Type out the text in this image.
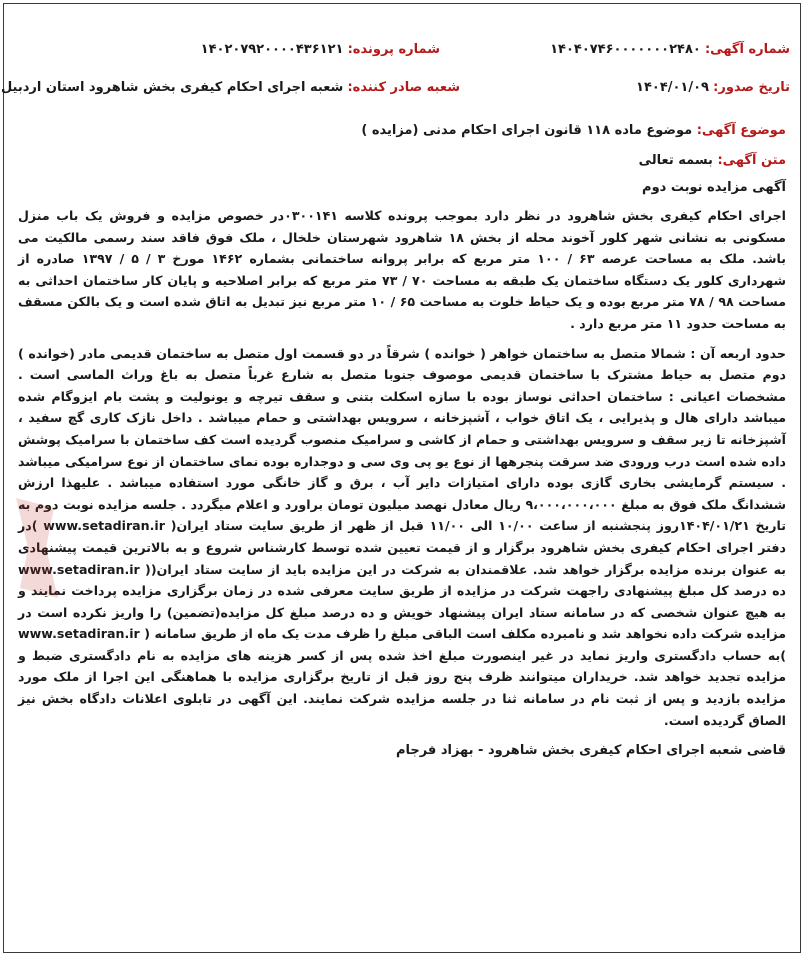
شماره آگهی: ۱۴۰۴۰۷۴۶۰۰۰۰۰۰۰۲۴۸۰
شماره پرونده: ۱۴۰۲۰۷۹۲۰۰۰۰۴۳۶۱۲۱
تاریخ صدور: ۱۴۰۴/۰۱/۰۹
شعبه صادر کننده: شعبه اجرای احکام کیفری بخش شاهرود استان اردبیل
موضوع آگهی: موضوع ماده ۱۱۸ قانون اجرای احکام مدنی (مزایده )
متن آگهی: بسمه تعالی
آگهی مزایده نوبت دوم

اجرای احکام کیفری بخش شاهرود در نظر دارد بموجب پرونده کلاسه ۰۳۰۰۱۴۱در خصوص مزایده و فروش یک باب منزل مسکونی به نشانی شهر کلور آخوند محله از بخش ۱۸ شاهرود شهرستان خلخال ، ملک فوق فاقد سند رسمی مالکیت می باشد. ملک به مساحت عرصه ۶۳ / ۱۰۰ متر مربع که برابر پروانه ساختمانی بشماره ۱۴۶۲ مورخ ۳ / ۵ / ۱۳۹۷ صادره از شهرداری کلور یک دستگاه ساختمان یک طبقه به مساحت ۷۰ / ۷۳ متر مربع که برابر اصلاحیه و پایان کار ساختمان احداثی به مساحت ۹۸ / ۷۸ متر مربع بوده و یک حیاط خلوت به مساحت ۶۵ / ۱۰ متر مربع نیز تبدیل به اتاق شده است و یک بالکن مسقف به مساحت حدود ۱۱ متر مربع دارد .

حدود اربعه آن : شمالا متصل به ساختمان خواهر ( خوانده ) شرقاً در دو قسمت اول متصل به ساختمان قدیمی مادر (خوانده ) دوم متصل به حیاط مشترک با ساختمان قدیمی موصوف جنوبا متصل به شارع غرباً متصل به باغ وراث الماسی است . مشخصات اعیانی : ساختمان احداثی نوساز بوده با سازه اسکلت بتنی و سقف تیرچه و یونولیت و پشت بام ایزوگام شده میباشد دارای هال و پذیرایی ، یک اتاق خواب ، آشپزخانه ، سرویس بهداشتی و حمام میباشد . داخل نازک کاری گچ سفید ، آشپزخانه تا زیر سقف و سرویس بهداشتی و حمام از کاشی و سرامیک منصوب گردیده است کف ساختمان با سرامیک پوشش داده شده است درب ورودی ضد سرقت پنجرهها از نوع یو پی وی سی و دوجداره بوده نمای ساختمان از نوع سرامیکی میباشد . سیستم گرمایشی بخاری گازی بوده دارای امتیازات دایر آب ، برق و گاز خانگی مورد استفاده میباشد . علیهذا ارزش ششدانگ ملک فوق به مبلغ ۹،۰۰۰،۰۰۰،۰۰۰ ریال معادل نهصد میلیون تومان براورد و اعلام میگردد . جلسه مزایده نوبت دوم به تاریخ ۱۴۰۴/۰۱/۲۱روز پنجشنبه از ساعت ۱۰/۰۰ الی ۱۱/۰۰ قبل از ظهر از طریق سایت ستاد ایران( www.setadiran.ir )در دفتر اجرای احکام کیفری بخش شاهرود برگزار و از قیمت تعیین شده توسط کارشناس شروع و به بالاترین قیمت پیشنهادی به عنوان برنده مزایده برگزار خواهد شد. علاقمندان به شرکت در این مزایده باید از سایت ستاد ایران(( www.setadiran.ir ده درصد کل مبلغ پیشنهادی راجهت شرکت در مزایده از طریق سایت معرفی شده در زمان برگزاری مزایده پرداخت نمایند و به هیچ عنوان شخصی که در سامانه ستاد ایران پیشنهاد خویش و ده درصد مبلغ کل مزایده(تضمین) را واریز نکرده است در مزایده شرکت داده نخواهد شد و نامبرده مکلف است الباقی مبلغ را ظرف مدت یک ماه از طریق سامانه ( www.setadiran.ir )به حساب دادگستری واریز نماید در غیر اینصورت مبلغ اخذ شده پس از کسر هزینه های مزایده به نام دادگستری ضبط و مزایده تجدید خواهد شد. خریداران میتوانند ظرف پنج روز قبل از تاریخ برگزاری مزایده با هماهنگی این اجرا از ملک مورد مزایده بازدید و پس از ثبت نام در سامانه ثنا در جلسه مزایده شرکت نمایند. این آگهی در تابلوی اعلانات دادگاه بخش نیز الصاق گردیده است.

قاضی شعبه اجرای احکام کیفری بخش شاهرود - بهزاد فرجام
